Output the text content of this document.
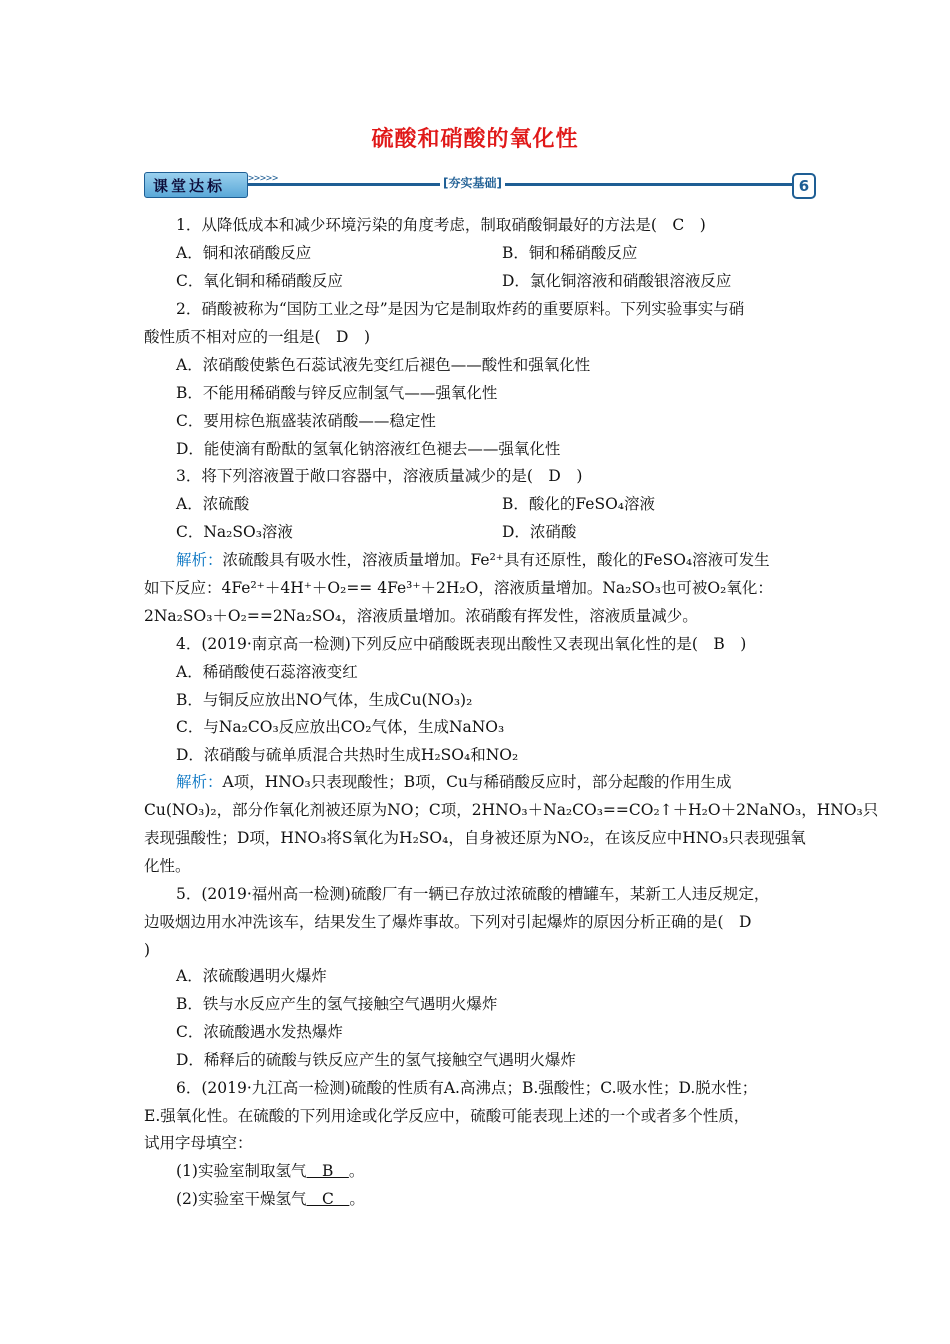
硫酸和硝酸的氧化性
课堂达标 >>>>>	[夯实基础]	6
1．从降低成本和减少环境污染的角度考虑，制取硝酸铜最好的方法是(　C　)
A．铜和浓硝酸反应	B．铜和稀硝酸反应
C．氧化铜和稀硝酸反应	D．氯化铜溶液和硝酸银溶液反应
2．硝酸被称为“国防工业之母”是因为它是制取炸药的重要原料。下列实验事实与硝
酸性质不相对应的一组是(　D　)
A．浓硝酸使紫色石蕊试液先变红后褪色——酸性和强氧化性
B．不能用稀硝酸与锌反应制氢气——强氧化性
C．要用棕色瓶盛装浓硝酸——稳定性
D．能使滴有酚酞的氢氧化钠溶液红色褪去——强氧化性
3．将下列溶液置于敞口容器中，溶液质量减少的是(　D　)
A．浓硫酸	B．酸化的FeSO₄溶液
C．Na₂SO₃溶液	D．浓硝酸
解析：浓硫酸具有吸水性，溶液质量增加。Fe²⁺具有还原性，酸化的FeSO₄溶液可发生
如下反应：4Fe²⁺＋4H⁺＋O₂== 4Fe³⁺＋2H₂O，溶液质量增加。Na₂SO₃也可被O₂氧化：
2Na₂SO₃＋O₂==2Na₂SO₄，溶液质量增加。浓硝酸有挥发性，溶液质量减少。
4．(2019·南京高一检测)下列反应中硝酸既表现出酸性又表现出氧化性的是(　B　)
A．稀硝酸使石蕊溶液变红
B．与铜反应放出NO气体，生成Cu(NO₃)₂
C．与Na₂CO₃反应放出CO₂气体，生成NaNO₃
D．浓硝酸与硫单质混合共热时生成H₂SO₄和NO₂
解析：A项，HNO₃只表现酸性；B项，Cu与稀硝酸反应时，部分起酸的作用生成
Cu(NO₃)₂，部分作氧化剂被还原为NO；C项，2HNO₃＋Na₂CO₃==CO₂↑＋H₂O＋2NaNO₃，HNO₃只
表现强酸性；D项，HNO₃将S氧化为H₂SO₄，自身被还原为NO₂，在该反应中HNO₃只表现强氧
化性。
5．(2019·福州高一检测)硫酸厂有一辆已存放过浓硫酸的槽罐车，某新工人违反规定，
边吸烟边用水冲洗该车，结果发生了爆炸事故。下列对引起爆炸的原因分析正确的是(　D
)
A．浓硫酸遇明火爆炸
B．铁与水反应产生的氢气接触空气遇明火爆炸
C．浓硫酸遇水发热爆炸
D．稀释后的硫酸与铁反应产生的氢气接触空气遇明火爆炸
6．(2019·九江高一检测)硫酸的性质有A.高沸点；B.强酸性；C.吸水性；D.脱水性；
E.强氧化性。在硫酸的下列用途或化学反应中，硫酸可能表现上述的一个或者多个性质，
试用字母填空：
(1)实验室制取氢气　B　。
(2)实验室干燥氢气　C　。
